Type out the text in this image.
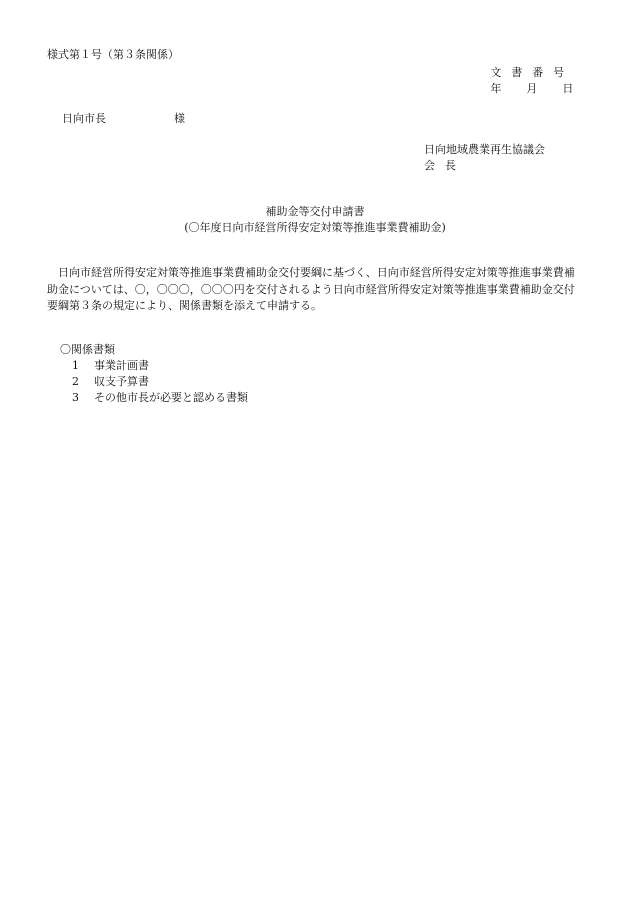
様式第１号（第３条関係）
文書番号
年 月 日
日向市長	様
日向地域農業再生協議会
会長
補助金等交付申請書
(〇年度日向市経営所得安定対策等推進事業費補助金)
日向市経営所得安定対策等推進事業費補助金交付要綱に基づく、日向市経営所得安定対策等推進事業費補助金については、〇，〇〇〇，〇〇〇円を交付されるよう日向市経営所得安定対策等推進事業費補助金交付要綱第３条の規定により、関係書類を添えて申請する。
〇関係書類
1 事業計画書
2 収支予算書
3 その他市長が必要と認める書類
